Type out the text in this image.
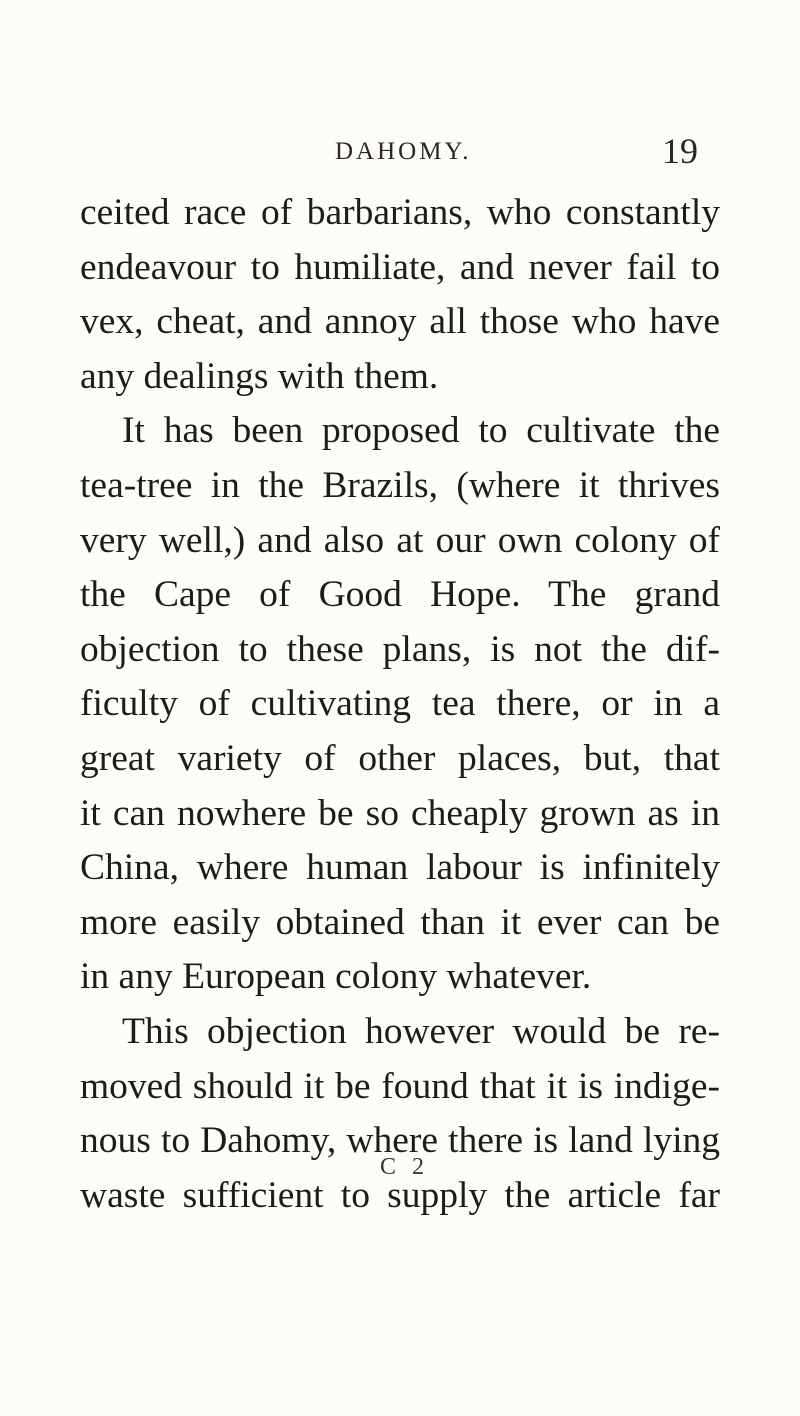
DAHOMY.	19
ceited race of barbarians, who constantly
endeavour to humiliate, and never fail to
vex, cheat, and annoy all those who have
any dealings with them.
It has been proposed to cultivate the
tea-tree in the Brazils, (where it thrives
very well,) and also at our own colony of
the Cape of Good Hope. The grand
objection to these plans, is not the dif-
ficulty of cultivating tea there, or in a
great variety of other places, but, that
it can nowhere be so cheaply grown as in
China, where human labour is infinitely
more easily obtained than it ever can be
in any European colony whatever.
This objection however would be re-
moved should it be found that it is indige-
nous to Dahomy, where there is land lying
waste sufficient to supply the article far
C 2
